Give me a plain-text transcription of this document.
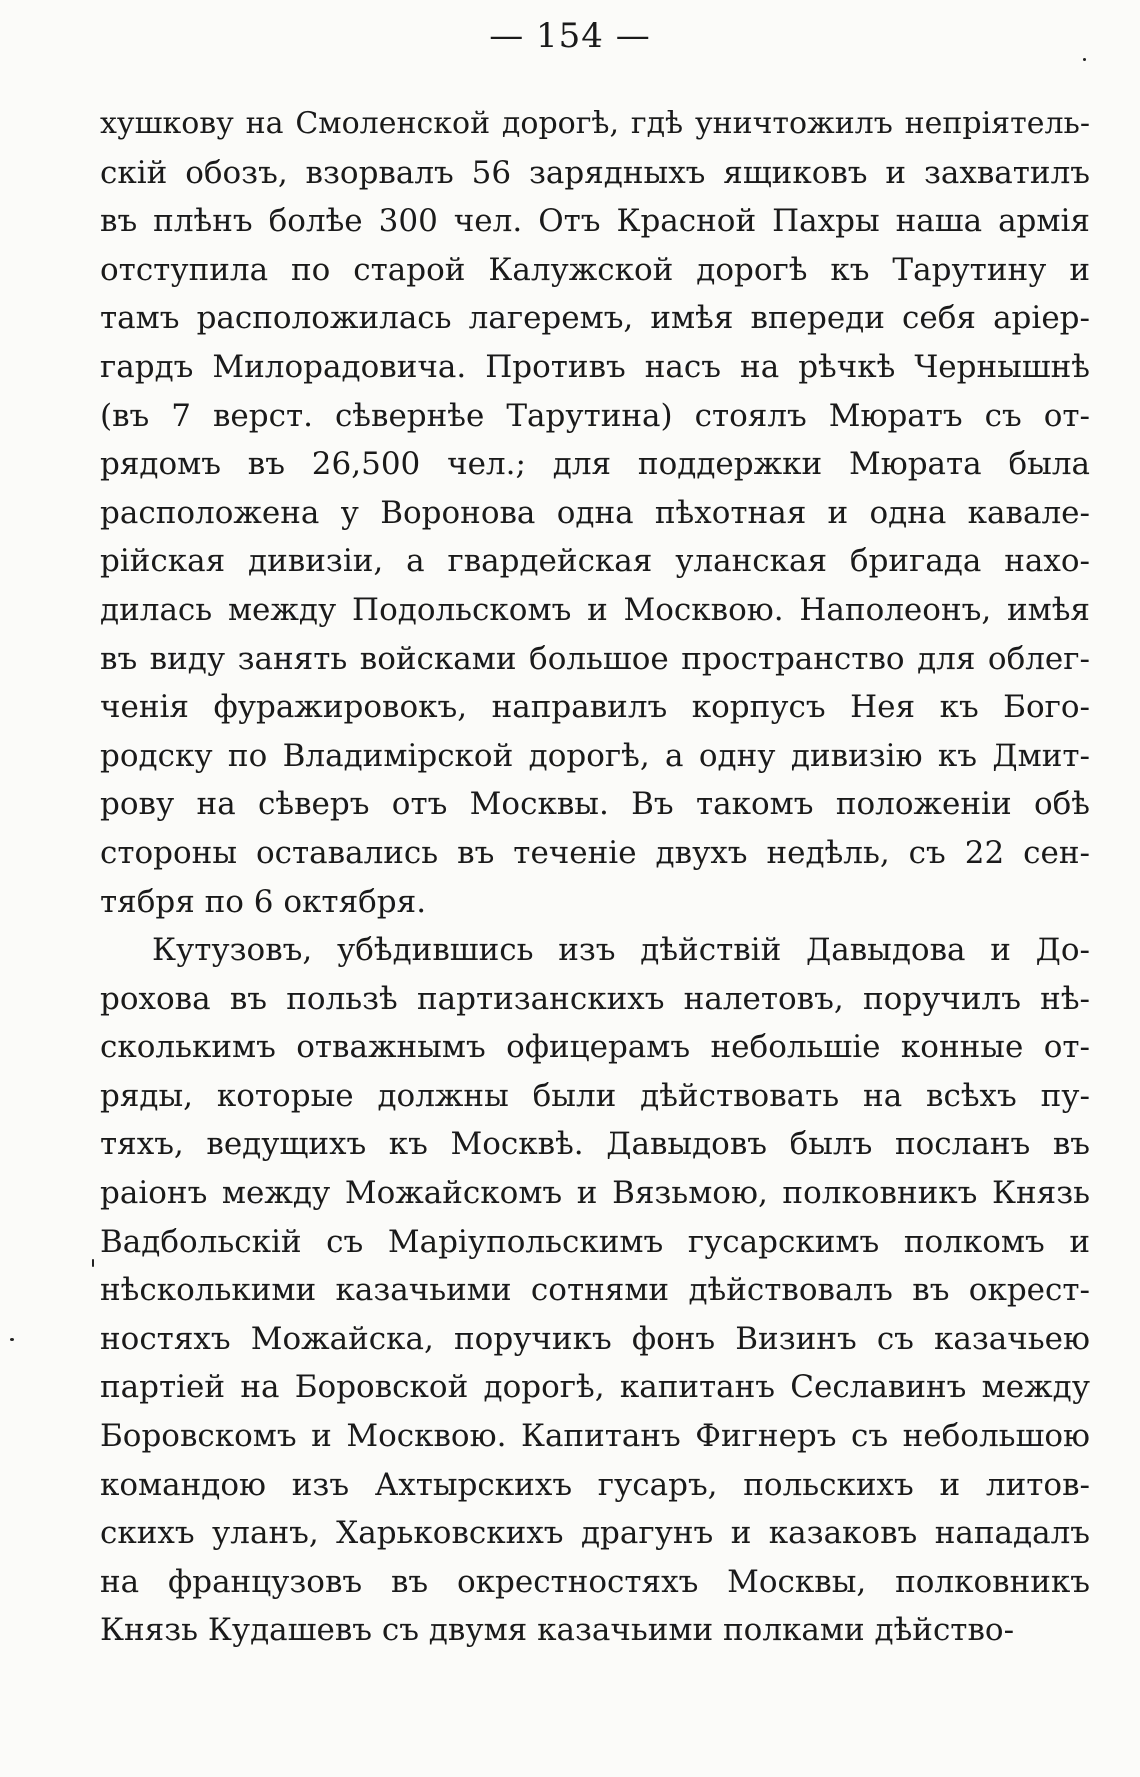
— 154 —
хушкову на Смоленской дорогѣ, гдѣ уничтожилъ непріятель-
скій обозъ, взорвалъ 56 зарядныхъ ящиковъ и захватилъ
въ плѣнъ болѣе 300 чел. Отъ Красной Пахры наша армія
отступила по старой Калужской дорогѣ къ Тарутину и
тамъ расположилась лагеремъ, имѣя впереди себя аріер-
гардъ Милорадовича. Противъ насъ на рѣчкѣ Чернышнѣ
(въ 7 верст. сѣвернѣе Тарутина) стоялъ Мюратъ съ от-
рядомъ въ 26,500 чел.; для поддержки Мюрата была
расположена у Воронова одна пѣхотная и одна кавале-
рійская дивизіи, а гвардейская уланская бригада нахо-
дилась между Подольскомъ и Москвою. Наполеонъ, имѣя
въ виду занять войсками большое пространство для облег-
ченія фуражировокъ, направилъ корпусъ Нея къ Бого-
родску по Владимірской дорогѣ, а одну дивизію къ Дмит-
рову на сѣверъ отъ Москвы. Въ такомъ положеніи обѣ
стороны оставались въ теченіе двухъ недѣль, съ 22 сен-
тября по 6 октября.
Кутузовъ, убѣдившись изъ дѣйствій Давыдова и До-
рохова въ пользѣ партизанскихъ налетовъ, поручилъ нѣ-
сколькимъ отважнымъ офицерамъ небольшіе конные от-
ряды, которые должны были дѣйствовать на всѣхъ пу-
тяхъ, ведущихъ къ Москвѣ. Давыдовъ былъ посланъ въ
раіонъ между Можайскомъ и Вязьмою, полковникъ Князь
Вадбольскій съ Маріупольскимъ гусарскимъ полкомъ и
нѣсколькими казачьими сотнями дѣйствовалъ въ окрест-
ностяхъ Можайска, поручикъ фонъ Визинъ съ казачьею
партіей на Боровской дорогѣ, капитанъ Сеславинъ между
Боровскомъ и Москвою. Капитанъ Фигнеръ съ небольшою
командою изъ Ахтырскихъ гусаръ, польскихъ и литов-
скихъ уланъ, Харьковскихъ драгунъ и казаковъ нападалъ
на французовъ въ окрестностяхъ Москвы, полковникъ
Князь Кудашевъ съ двумя казачьими полками дѣйство-
